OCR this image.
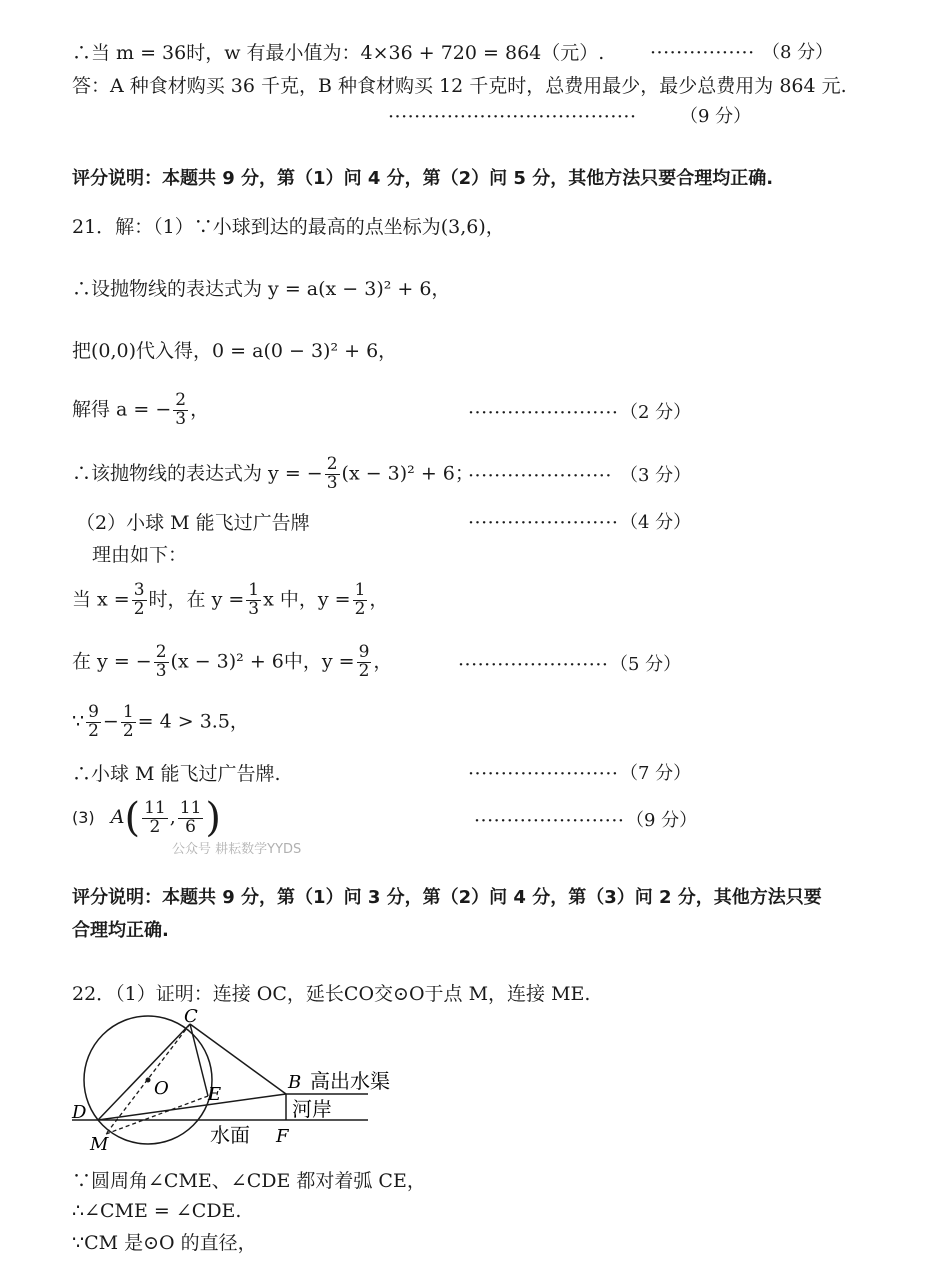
∴当 m = 36时，w 有最小值为：4×36 + 720 = 864（元）. ················ （8 分）
答：A 种食材购买 36 千克，B 种食材购买 12 千克时，总费用最少，最少总费用为 864 元.
······································ （9 分）
评分说明：本题共 9 分，第（1）问 4 分，第（2）问 5 分，其他方法只要合理均正确.
21．解：（1）∵小球到达的最高的点坐标为(3,6)，
∴设抛物线的表达式为 y = a(x − 3)² + 6，
把(0,0)代入得，0 = a(0 − 3)² + 6，
解得 a = − $\frac{2}{3}$ ，	······················· （2 分）
∴该抛物线的表达式为 y = − $\frac{2}{3} (x - 3)^2 + 6$；
······················ （3 分）
（2）小球 M 能飞过广告牌	······················· （4 分）
理由如下：
当 $x = \frac{3}{2}$ 时，在 $y = \frac{1}{3}$ x 中，$y = \frac{1}{2}$ ，
在 y = − $\frac{2}{3} (x - 3)^2 + 6$中，$y = \frac{9}{2}$ ，	······················· （5 分）
∵ $\frac{9}{2} - \frac{1}{2} = 4 > 3.5$，
∴小球 M 能飞过广告牌.	······················· （7 分）
(3) $A( \frac{11}{2}$ , $\frac{11}{6}$ )	······················· （9 分）
公众号 耕耘数学YYDS
评分说明：本题共 9 分，第（1）问 3 分，第（2）问 4 分，第（3）问 2 分，其他方法只要
合理均正确.
22．（1）证明：连接 OC，延长CO交⊙O于点 M，连接 ME.
C
O E
B 高出水渠
河岸
D
M	水面 F
∵圆周角∠CME、∠CDE 都对着弧 CE，
∴∠CME = ∠CDE.
∵CM 是⊙O 的直径，
